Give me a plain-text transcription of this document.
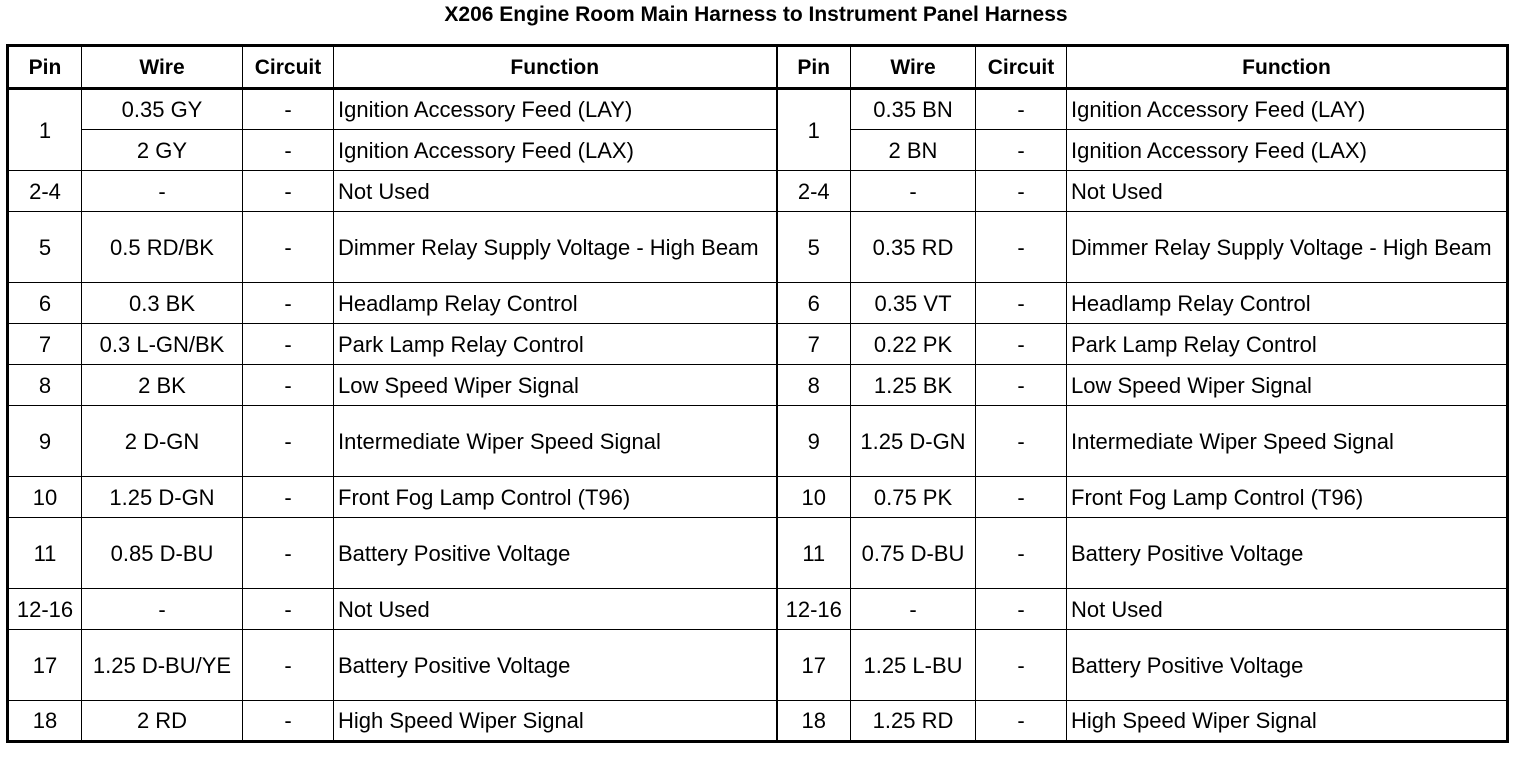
X206 Engine Room Main Harness to Instrument Panel Harness
Pin	Wire	Circuit	Function	Pin	Wire	Circuit	Function
1	0.35 GY	-	Ignition Accessory Feed (LAY)	1	0.35 BN	-	Ignition Accessory Feed (LAY)
	2 GY	-	Ignition Accessory Feed (LAX)		2 BN	-	Ignition Accessory Feed (LAX)
2-4	-	-	Not Used	2-4	-	-	Not Used
5	0.5 RD/BK	-	Dimmer Relay Supply Voltage - High Beam	5	0.35 RD	-	Dimmer Relay Supply Voltage - High Beam
6	0.3 BK	-	Headlamp Relay Control	6	0.35 VT	-	Headlamp Relay Control
7	0.3 L-GN/BK	-	Park Lamp Relay Control	7	0.22 PK	-	Park Lamp Relay Control
8	2 BK	-	Low Speed Wiper Signal	8	1.25 BK	-	Low Speed Wiper Signal
9	2 D-GN	-	Intermediate Wiper Speed Signal	9	1.25 D-GN	-	Intermediate Wiper Speed Signal
10	1.25 D-GN	-	Front Fog Lamp Control (T96)	10	0.75 PK	-	Front Fog Lamp Control (T96)
11	0.85 D-BU	-	Battery Positive Voltage	11	0.75 D-BU	-	Battery Positive Voltage
12-16	-	-	Not Used	12-16	-	-	Not Used
17	1.25 D-BU/YE	-	Battery Positive Voltage	17	1.25 L-BU	-	Battery Positive Voltage
18	2 RD	-	High Speed Wiper Signal	18	1.25 RD	-	High Speed Wiper Signal
